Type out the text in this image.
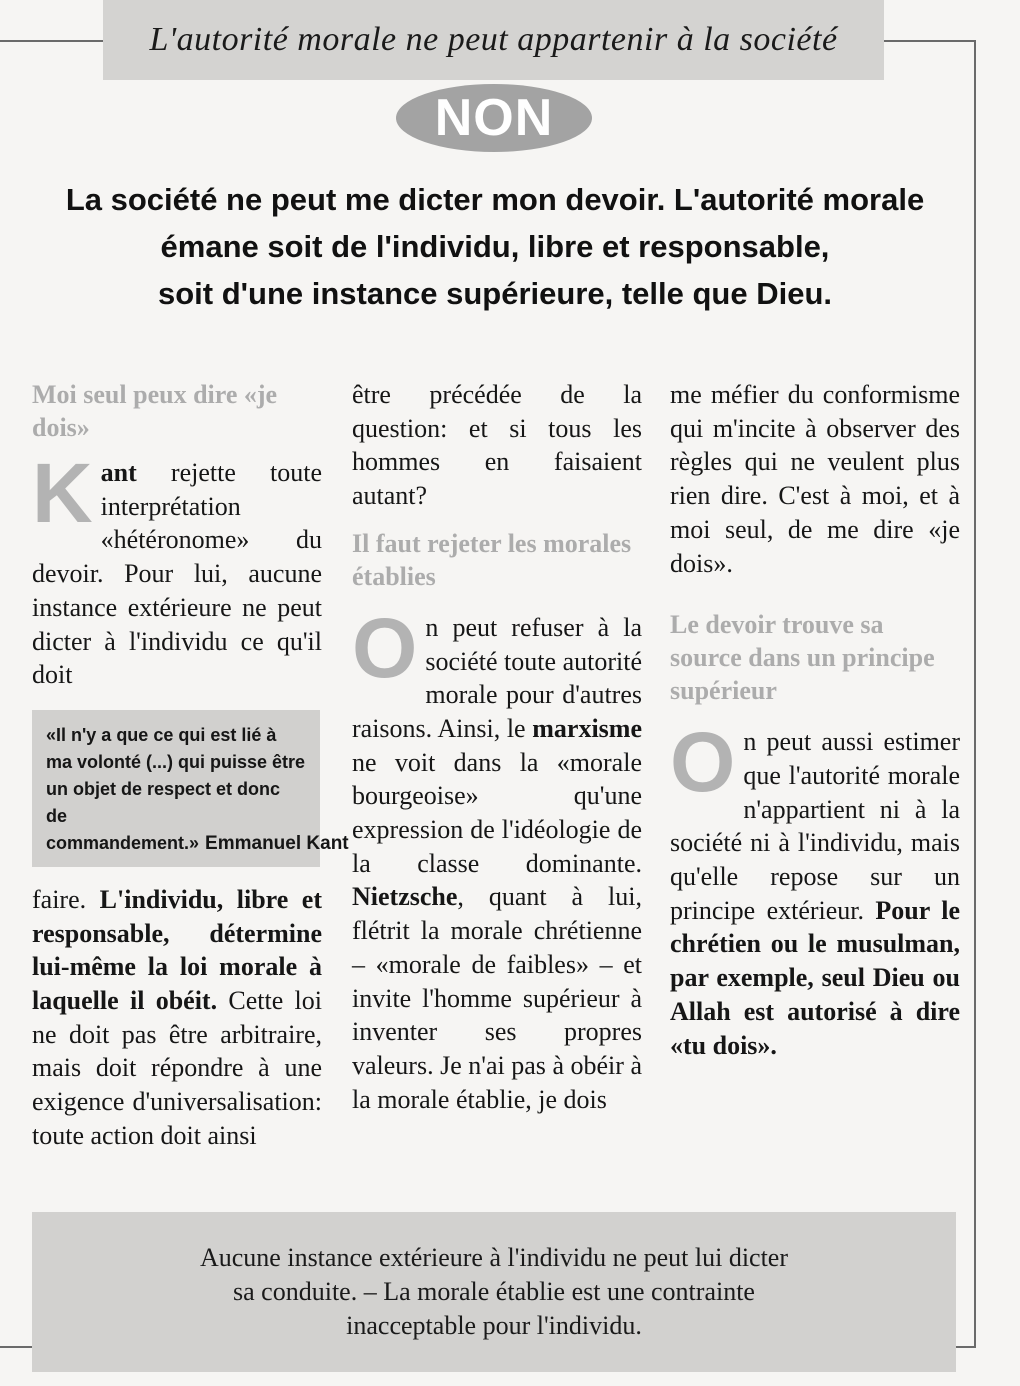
L'autorité morale ne peut appartenir à la société
NON
La société ne peut me dicter mon devoir. L'autorité morale
émane soit de l'individu, libre et responsable,
soit d'une instance supérieure, telle que Dieu.
Moi seul peux dire «je dois»

Kant rejette toute interprétation «hétéronome» du devoir. Pour lui, aucune instance extérieure ne peut dicter à l'individu ce qu'il doit

«Il n'y a que ce qui est lié à ma volonté (...) qui puisse être un objet de respect et donc de commandement.» Emmanuel Kant

faire. L'individu, libre et responsable, détermine lui-même la loi morale à laquelle il obéit. Cette loi ne doit pas être arbitraire, mais doit répondre à une exigence d'universalisation: toute action doit ainsi

être précédée de la question: et si tous les hommes en faisaient autant?

Il faut rejeter les morales établies

On peut refuser à la société toute autorité morale pour d'autres raisons. Ainsi, le marxisme ne voit dans la «morale bourgeoise» qu'une expression de l'idéologie de la classe dominante. Nietzsche, quant à lui, flétrit la morale chrétienne – «morale de faibles» – et invite l'homme supérieur à inventer ses propres valeurs. Je n'ai pas à obéir à la morale établie, je dois

me méfier du conformisme qui m'incite à observer des règles qui ne veulent plus rien dire. C'est à moi, et à moi seul, de me dire «je dois».

Le devoir trouve sa source dans un principe supérieur

On peut aussi estimer que l'autorité morale n'appartient ni à la société ni à l'individu, mais qu'elle repose sur un principe extérieur. Pour le chrétien ou le musulman, par exemple, seul Dieu ou Allah est autorisé à dire «tu dois».

Aucune instance extérieure à l'individu ne peut lui dicter
sa conduite. – La morale établie est une contrainte
inacceptable pour l'individu.
